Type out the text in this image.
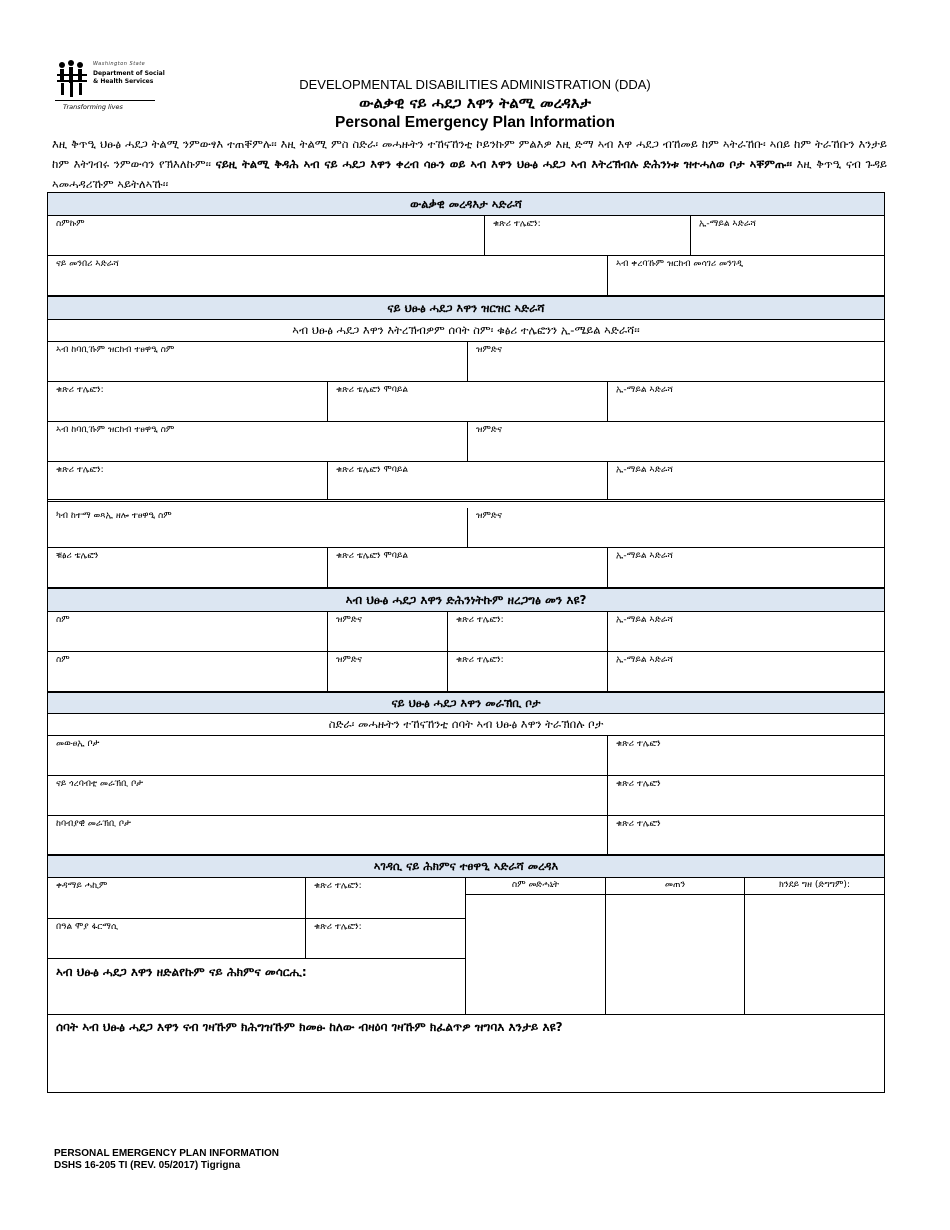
Washington State
Department of Social
& Health Services
Transforming lives
DEVELOPMENTAL DISABILITIES ADMINISTRATION (DDA)
ውልቃዊ ናይ ሓደጋ እዋን ትልሚ መረዳእታ
Personal Emergency Plan Information
እዚ ቅጥዒ ህፁፅ ሓደጋ ትልሚ ንምውፃእ ተጠቐምሉ፡፡ እዚ ትልሚ ምስ ስድራ፡ መሓዙትን ተኸናኸንቲ ኮይንኩም ምልእዎ እዚ ድማ ኣብ እዋ ሓደጋ ብኸመይ ከም ኣትራኸቡ፡ ኣበይ ከም ትራኸቡን እንታይ ከም እትገብሩ ንምውሳን የኽእለኩም፡፡ ናይዚ ትልሚ ቅዳሕ ኣብ ናይ ሓደጋ እዋን ቀረብ ሳፁን ወይ ኣብ እዋን ህፁፅ ሓደጋ ኣብ እትረኽብሉ ድሕንነቱ ዝተሓለወ ቦታ ኣቐምጡ፡፡ እዚ ቅጥዒ ናብ ጉዳይ ኣመሓዳሪኹም ኣይትለኣኹ፡፡
ውልቃዊ መረዳእታ ኣድራሻ
ስምኩም	ቁጽሪ ተሌፎን:	ኢ-ማይል ኣድራሻ
ናይ መንበሪ ኣድራሻ	ኣብ ቀረባኹም ዝርከብ መሳገሪ መንገዲ
ናይ ህፁፅ ሓደጋ እዋን ዝርዝር ኣድራሻ
ኣብ ህፁፅ ሓደጋ እዋን እትረኽብዎም ሰባት ስም፡ ቁፅሪ ተሌፎንን ኢ-ሜይል ኣድራሻ፡፡
ኣብ ከባቢኹም ዝርከብ ተፀዋዒ ስም	ዝምድና
ቁጽሪ ተሌፎን:	ቁጽሪ ቴሌፎን ሞባይል	ኢ-ማይል ኣድራሻ
ኣብ ከባቢኹም ዝርከብ ተፀዋዒ ስም	ዝምድና
ቁጽሪ ተሌፎን:	ቁጽሪ ቴሌፎን ሞባይል	ኢ-ማይል ኣድራሻ
ካብ ከተማ ወጻኢ ዘሎ ተፀዋዒ ስም	ዝምድና
ቑፅሪ ቴሌፎን	ቁጽሪ ቴሌፎን ሞባይል	ኢ-ማይል ኣድራሻ
ኣብ ህፁፅ ሓደጋ እዋን ድሕንነትኩም ዘረጋግፅ መን እዩ?
ስም	ዝምድና	ቁጽሪ ተሌፎን:	ኢ-ማይል ኣድራሻ
ስም	ዝምድና	ቁጽሪ ተሌፎን:	ኢ-ማይል ኣድራሻ
ናይ ህፁፅ ሓደጋ እዋን መራኽቢ ቦታ
ስድራ፡ መሓዙትን ተኸናኸንቲ ሰባት ኣብ ህፁፅ እዋን ትራኽበሉ ቦታ
መውፀኢ ቦታ	ቁጽሪ ተሌፎን
ናይ ጎረባብቲ መራኽቢ ቦታ	ቁጽሪ ተሌፎን
ከባብያዊ መራኽቢ ቦታ	ቁጽሪ ተሌፎን
ኣገዳሲ ናይ ሕክምና ተፀዋዒ ኣድራሻ መረዳእ
ቀዳማይ ሓኪም	ቁጽሪ ተሌፎን:
በዓል ሞያ ፋርማሲ	ቁጽሪ ተሌፎን:
ኣብ ህፁፅ ሓደጋ እዋን ዘድልየኩም ናይ ሕክምና መሳርሒ:
ስም መድሓኒት	መጠን	ክንደይ ግዘ (ድግግም):
ሰባት ኣብ ህፁፅ ሓደጋ እዋን ናብ ገዛኹም ክሕግዝኹም ክመፁ ከለው ብዛዕባ ገዛኹም ክፈልጥዎ ዝግባእ እንታይ እዩ?
PERSONAL EMERGENCY PLAN INFORMATION
DSHS 16-205 TI (REV. 05/2017) Tigrigna
